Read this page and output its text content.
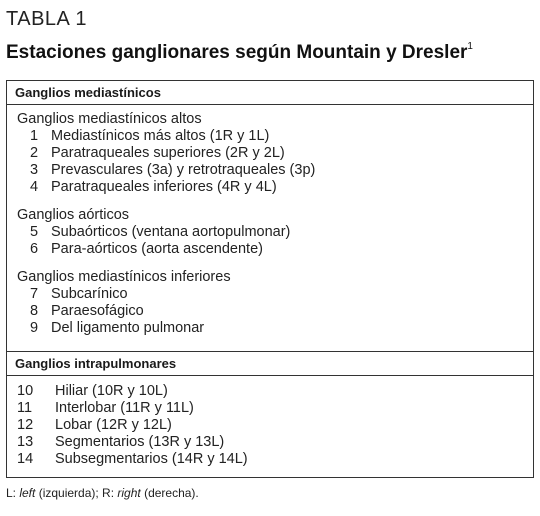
TABLA 1
Estaciones ganglionares según Mountain y Dresler$^1$
Ganglios mediastínicos
Ganglios mediastínicos altos
1 Mediastínicos más altos (1R y 1L)
2 Paratraqueales superiores (2R y 2L)
3 Prevasculares (3a) y retrotraqueales (3p)
4 Paratraqueales inferiores (4R y 4L)
Ganglios aórticos
5 Subaórticos (ventana aortopulmonar)
6 Para-aórticos (aorta ascendente)
Ganglios mediastínicos inferiores
7 Subcarínico
8 Paraesofágico
9 Del ligamento pulmonar
Ganglios intrapulmonares
10 Hiliar (10R y 10L)
11 Interlobar (11R y 11L)
12 Lobar (12R y 12L)
13 Segmentarios (13R y 13L)
14 Subsegmentarios (14R y 14L)
L: left (izquierda); R: right (derecha).
